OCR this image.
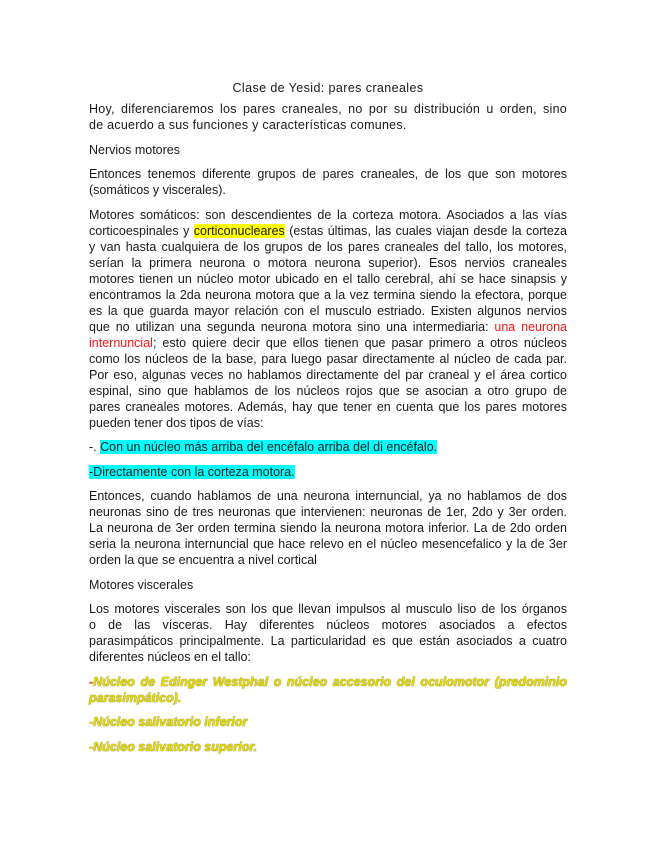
Clase de Yesid: pares craneales
Hoy, diferenciaremos los pares craneales, no por su distribución u orden, sino
de acuerdo a sus funciones y características comunes.
Nervios motores
Entonces tenemos diferente grupos de pares craneales, de los que son motores
(somáticos y viscerales).
Motores somáticos: son descendientes de la corteza motora. Asociados a las vías
corticoespinales y corticonucleares (estas últimas, las cuales viajan desde la corteza
y van hasta cualquiera de los grupos de los pares craneales del tallo, los motores,
serían la primera neurona o motora neurona superior). Esos nervios craneales
motores tienen un núcleo motor ubicado en el tallo cerebral, ahí se hace sinapsis y
encontramos la 2da neurona motora que a la vez termina siendo la efectora, porque
es la que guarda mayor relación con el musculo estriado. Existen algunos nervios
que no utilizan una segunda neurona motora sino una intermediaria: una neurona
internuncial; esto quiere decir que ellos tienen que pasar primero a otros núcleos
como los núcleos de la base, para luego pasar directamente al núcleo de cada par.
Por eso, algunas veces no hablamos directamente del par craneal y el área cortico
espinal, sino que hablamos de los núcleos rojos que se asocian a otro grupo de
pares craneales motores. Además, hay que tener en cuenta que los pares motores
pueden tener dos tipos de vías:
-. Con un núcleo más arriba del encéfalo arriba del di encéfalo.
-Directamente con la corteza motora.
Entonces, cuando hablamos de una neurona internuncial, ya no hablamos de dos
neuronas sino de tres neuronas que intervienen: neuronas de 1er, 2do y 3er orden.
La neurona de 3er orden termina siendo la neurona motora inferior. La de 2do orden
seria la neurona internuncial que hace relevo en el núcleo mesencefalico y la de 3er
orden la que se encuentra a nivel cortical
Motores viscerales
Los motores viscerales son los que llevan impulsos al musculo liso de los órganos
o de las vísceras. Hay diferentes núcleos motores asociados a efectos
parasimpáticos principalmente. La particularidad es que están asociados a cuatro
diferentes núcleos en el tallo:
-Núcleo de Edinger Westphal o núcleo accesorio del oculomotor (predominio
parasimpático).
-Núcleo salivatorio inferior
-Núcleo salivatorio superior.
